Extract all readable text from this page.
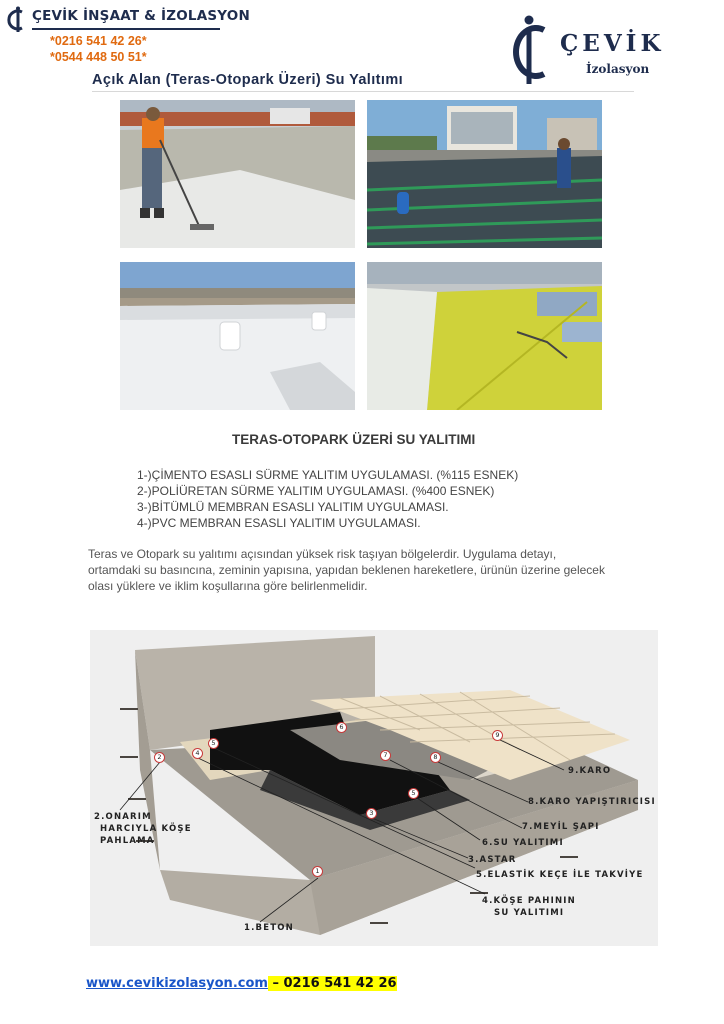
ÇEVİK İNŞAAT & İZOLASYON
*0216 541 42 26*
*0544 448 50 51*	ÇEVİK
İzolasyon
Açık Alan (Teras-Otopark Üzeri) Su Yalıtımı
TERAS-OTOPARK ÜZERİ SU YALITIMI
1-)ÇİMENTO ESASLI SÜRME YALITIM UYGULAMASI. (%115 ESNEK)
2-)POLİÜRETAN SÜRME YALITIM UYGULAMASI. (%400 ESNEK)
3-)BİTÜMLÜ MEMBRAN ESASLI YALITIM UYGULAMASI.
4-)PVC MEMBRAN ESASLI YALITIM UYGULAMASI.

Teras ve Otopark su yalıtımı açısından yüksek risk taşıyan bölgelerdir. Uygulama detayı, ortamdaki su basıncına, zeminin yapısına, yapıdan beklenen hareketlere, ürünün üzerine gelecek olası yüklere ve iklim koşullarına göre belirlenmelidir.

1
2
3
4
5
5
6
7	8
9
1.BETON
2.ONARIM
HARCIYLA KÖŞE
PAHLAMA
3.ASTAR
4.KÖŞE PAHININ
SU YALITIMI
5.ELASTİK KEÇE İLE TAKVİYE
6.SU YALITIMI
7.MEYİL ŞAPI
8.KARO YAPIŞTIRICISI
9.KARO
www.cevikizolasyon.com – 0216 541 42 26
